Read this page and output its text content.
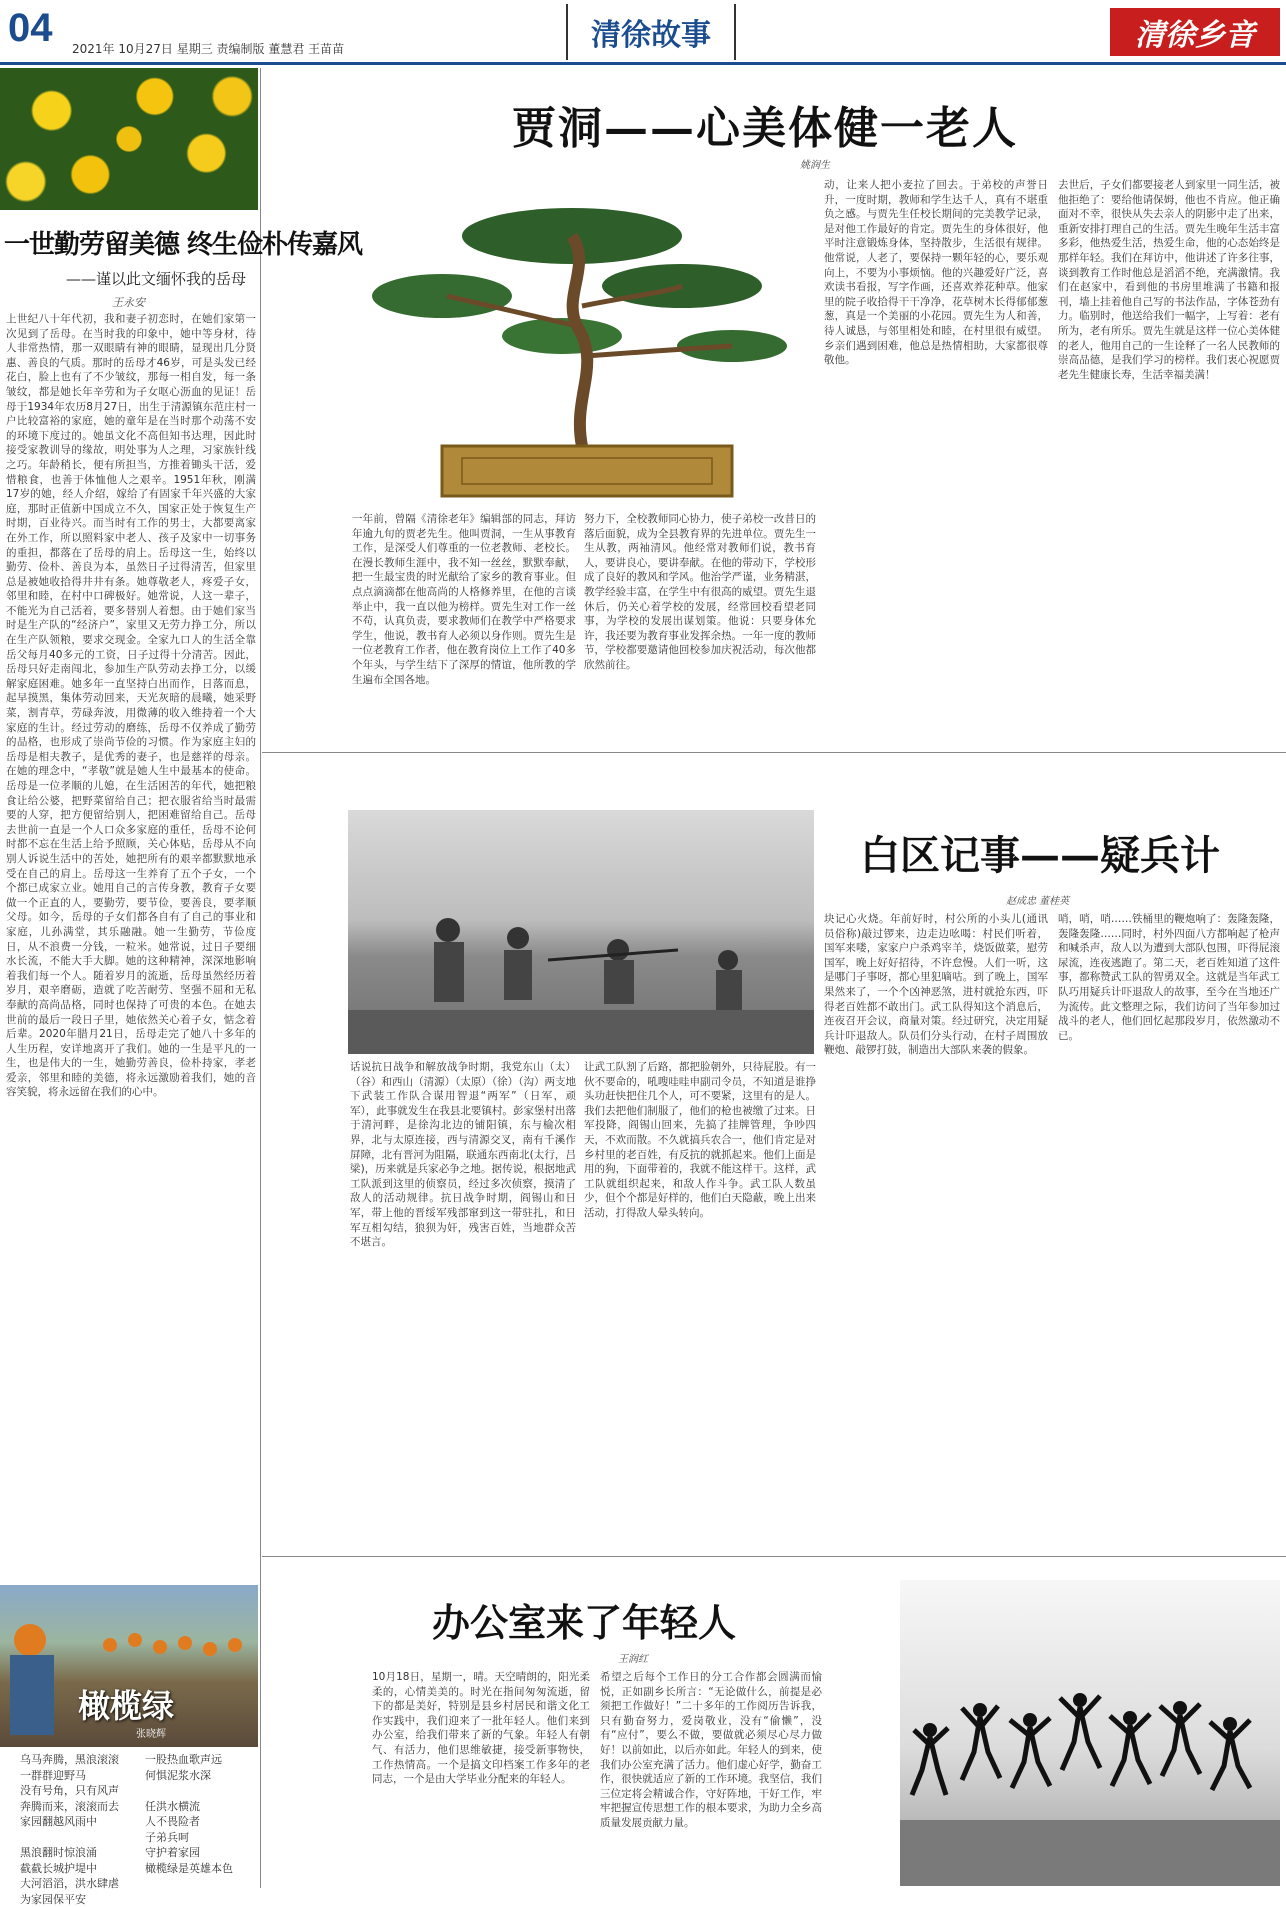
04 2021年 10月27日 星期三 责编制版 董慧君 王苗苗	清徐故事	清徐乡音
一世勤劳留美德 终生俭朴传嘉风
——谨以此文缅怀我的岳母
王永安
上世纪八十年代初，我和妻子初恋时，在她们家第一次见到了岳母。在当时我的印象中，她中等身材，待人非常热情，那一双眼睛有神的眼睛，显现出几分贤惠、善良的气质。那时的岳母才46岁，可是头发已经花白，脸上也有了不少皱纹，那每一相自发，每一条皱纹，都是她长年辛劳和为子女呕心沥血的见证！岳母于1934年农历8月27日，出生于清源镇东范庄村一户比较富裕的家庭，她的童年是在当时那个动荡不安的环境下度过的。她虽文化不高但知书达理，因此时接受家教训导的缘故，明处事为人之理，习家族针线之巧。年龄稍长，便有所担当，方推着锄头干活，爱惜粮食，也善于体恤他人之艰辛。1951年秋，刚满17岁的她，经人介绍，嫁给了有固家千年兴盛的大家庭，那时正值新中国成立不久，国家正处于恢复生产时期，百业待兴。而当时有工作的男士，大都要离家在外工作，所以照料家中老人、孩子及家中一切事务的重担，都落在了岳母的肩上。岳母这一生，始终以勤劳、俭朴、善良为本，虽然日子过得清苦，但家里总是被她收拾得井井有条。她尊敬老人，疼爱子女，邻里和睦，在村中口碑极好。她常说，人这一辈子，不能光为自己活着，要多替别人着想。由于她们家当时是生产队的“经济户”，家里又无劳力挣工分，所以在生产队领粮，要求交现金。全家九口人的生活全靠岳父每月40多元的工资，日子过得十分清苦。因此，岳母只好走南闯北，参加生产队劳动去挣工分，以缓解家庭困难。她多年一直坚持白出而作，日落而息，起早摸黑，集体劳动回来，天光灰暗的晨曦，她采野菜，割青草，劳碌奔波，用微薄的收入维持着一个大家庭的生计。经过劳动的磨练，岳母不仅养成了勤劳的品格，也形成了崇尚节俭的习惯。作为家庭主妇的岳母是相夫教子，是优秀的妻子，也是慈祥的母亲。在她的理念中，“孝敬”就是她人生中最基本的使命。岳母是一位孝顺的儿媳，在生活困苦的年代，她把粮食让给公婆，把野菜留给自己；把衣服省给当时最需要的人穿，把方便留给别人，把困难留给自己。岳母去世前一直是一个人口众多家庭的重任，岳母不论何时都不忘在生活上给予照顾，关心体贴，岳母从不向别人诉说生活中的苦处，她把所有的艰辛都默默地承受在自己的肩上。岳母这一生养育了五个子女，一个个都已成家立业。她用自己的言传身教，教育子女要做一个正直的人，要勤劳，要节俭，要善良，要孝顺父母。如今，岳母的子女们都各自有了自己的事业和家庭，儿孙满堂，其乐融融。她一生勤劳，节俭度日，从不浪费一分钱，一粒米。她常说，过日子要细水长流，不能大手大脚。她的这种精神，深深地影响着我们每一个人。随着岁月的流逝，岳母虽然经历着岁月，艰辛磨砺，造就了吃苦耐劳、坚强不屈和无私奉献的高尚品格，同时也保持了可贵的本色。在她去世前的最后一段日子里，她依然关心着子女，惦念着后辈。2020年腊月21日，岳母走完了她八十多年的人生历程，安详地离开了我们。她的一生是平凡的一生，也是伟大的一生，她勤劳善良，俭朴持家，孝老爱亲，邻里和睦的美德，将永远激励着我们，她的音容笑貌，将永远留在我们的心中。
橄榄绿
张晓辉
乌马奔腾，黑浪滚滚
一群群迎野马
没有号角，只有风声
奔腾而来，滚滚而去
家园翻越风雨中

黑浪翻时惊浪涌
截截长城护堤中
大河滔滔，洪水肆虐
为家园保平安
一股热血歌声远
何惧泥浆水深

任洪水横流
人不畏险者
子弟兵呵
守护着家园
橄榄绿是英雄本色
贾洞——心美体健一老人
姚润生
一年前，曾隔《清徐老年》编辑部的同志，拜访年逾九旬的贾老先生。他叫贾洞，一生从事教育工作，是深受人们尊重的一位老教师、老校长。在漫长教师生涯中，我不知一丝丝，默默奉献，把一生最宝贵的时光献给了家乡的教育事业。但点点滴滴都在他高尚的人格修养里，在他的言谈举止中，我一直以他为榜样。贾先生对工作一丝不苟，认真负责，要求教师们在教学中严格要求学生，他说，教书育人必须以身作则。贾先生是一位老教育工作者，他在教育岗位上工作了40多个年头，与学生结下了深厚的情谊，他所教的学生遍布全国各地。
努力下，全校教师同心协力，使子弟校一改昔日的落后面貌，成为全县教育界的先进单位。贾先生一生从教，两袖清风。他经常对教师们说，教书育人，要讲良心，要讲奉献。在他的带动下，学校形成了良好的教风和学风。他治学严谨，业务精湛，教学经验丰富，在学生中有很高的威望。贾先生退休后，仍关心着学校的发展，经常回校看望老同事，为学校的发展出谋划策。他说：只要身体允许，我还要为教育事业发挥余热。一年一度的教师节，学校都要邀请他回校参加庆祝活动，每次他都欣然前往。
动，让来人把小麦拉了回去。于弟校的声誉日升，一度时期，教师和学生达千人，真有不堪重负之感。与贾先生任校长期间的完美教学记录，是对他工作最好的肯定。贾先生的身体很好，他平时注意锻炼身体，坚持散步，生活很有规律。他常说，人老了，要保持一颗年轻的心，要乐观向上，不要为小事烦恼。他的兴趣爱好广泛，喜欢读书看报，写字作画，还喜欢养花种草。他家里的院子收拾得干干净净，花草树木长得郁郁葱葱，真是一个美丽的小花园。贾先生为人和善，待人诚恳，与邻里相处和睦，在村里很有威望。乡亲们遇到困难，他总是热情相助，大家都很尊敬他。
去世后，子女们都要接老人到家里一同生活，被他拒绝了：要给他请保姆，他也不肯应。他正确面对不幸，很快从失去亲人的阴影中走了出来，重新安排打理自己的生活。贾先生晚年生活丰富多彩，他热爱生活，热爱生命，他的心态始终是那样年轻。我们在拜访中，他讲述了许多往事，谈到教育工作时他总是滔滔不绝，充满激情。我们在赵家中，看到他的书房里堆满了书籍和报刊，墙上挂着他自己写的书法作品，字体苍劲有力。临别时，他送给我们一幅字，上写着：老有所为，老有所乐。贾先生就是这样一位心美体健的老人，他用自己的一生诠释了一名人民教师的崇高品德，是我们学习的榜样。我们衷心祝愿贾老先生健康长寿，生活幸福美满！
白区记事——疑兵计
赵成忠 董桂英
话说抗日战争和解放战争时期，我党东山（太）（谷）和西山（清源）（太原）（徐）（沟）两支地下武装工作队合谋用智退“两军”（日军，顽军），此事就发生在我县北要镇村。彭家堡村出落于清河畔，是徐沟北边的铺阳镇，东与榆次相界，北与太原连接，西与清源交叉，南有千溪作屏障，北有晋河为阻隔，联通东西南北(太行，吕梁)，历来就是兵家必争之地。据传说，根据地武工队派到这里的侦察员，经过多次侦察，摸清了敌人的活动规律。抗日战争时期，阎锡山和日军，带上他的晋绥军残部窜到这一带驻扎，和日军互相勾结，狼狈为奸，残害百姓，当地群众苦不堪言。
让武工队割了后路，都把脸朝外，只待屁股。有一伙不要命的，吼嗖哇哇申副司令员，不知道是谁挣头功赶快把住几个人，可不要紧，这里有的是人。我们去把他们制服了，他们的枪也被缴了过来。日军投降，阎锡山回来，先搞了挂牌管理，争吵四天，不欢而散。不久就搞兵农合一，他们肯定是对乡村里的老百姓，有反抗的就抓起来。他们上面是用的狗，下面带着的，我就不能这样干。这样，武工队就组织起来，和敌人作斗争。武工队人数虽少，但个个都是好样的，他们白天隐蔽，晚上出来活动，打得敌人晕头转向。
块记心火烧。年前好时，村公所的小头儿(通讯员俗称)敲过锣来，边走边吆喝：村民们听着，国军来喽，家家户户杀鸡宰羊，烧饭做菜，慰劳国军，晚上好好招待，不许怠慢。人们一听，这是哪门子事呀，都心里犯嘀咕。到了晚上，国军果然来了，一个个凶神恶煞，进村就抢东西，吓得老百姓都不敢出门。武工队得知这个消息后，连夜召开会议，商量对策。经过研究，决定用疑兵计吓退敌人。队员们分头行动，在村子周围放鞭炮、敲锣打鼓，制造出大部队来袭的假象。
哨，哨，哨……铁桶里的鞭炮响了：轰隆轰隆，轰隆轰隆……同时，村外四面八方都响起了枪声和喊杀声，敌人以为遭到大部队包围，吓得屁滚尿流，连夜逃跑了。第二天，老百姓知道了这件事，都称赞武工队的智勇双全。这就是当年武工队巧用疑兵计吓退敌人的故事，至今在当地还广为流传。此文整理之际，我们访问了当年参加过战斗的老人，他们回忆起那段岁月，依然激动不已。
办公室来了年轻人
王润红
10月18日，星期一，晴。天空晴朗的，阳光柔柔的，心情美美的。时光在指间匆匆流逝，留下的都是美好，特别是县乡村居民和谐文化工作实践中，我们迎来了一批年轻人。他们来到办公室，给我们带来了新的气象。年轻人有朝气、有活力，他们思维敏捷，接受新事物快，工作热情高。一个是搞文印档案工作多年的老同志，一个是由大学毕业分配来的年轻人。
希望之后每个工作日的分工合作都会圆满而愉悦，正如副乡长所言：“无论做什么，前提是必须把工作做好！”二十多年的工作阅历告诉我，只有勤奋努力，爱岗敬业，没有“偷懒”，没有“应付”，要么不做，要做就必须尽心尽力做好！以前如此，以后亦如此。年轻人的到来，使我们办公室充满了活力。他们虚心好学，勤奋工作，很快就适应了新的工作环境。我坚信，我们三位定将会精诚合作，守好阵地，干好工作，牢牢把握宣传思想工作的根本要求，为助力全乡高质量发展贡献力量。
